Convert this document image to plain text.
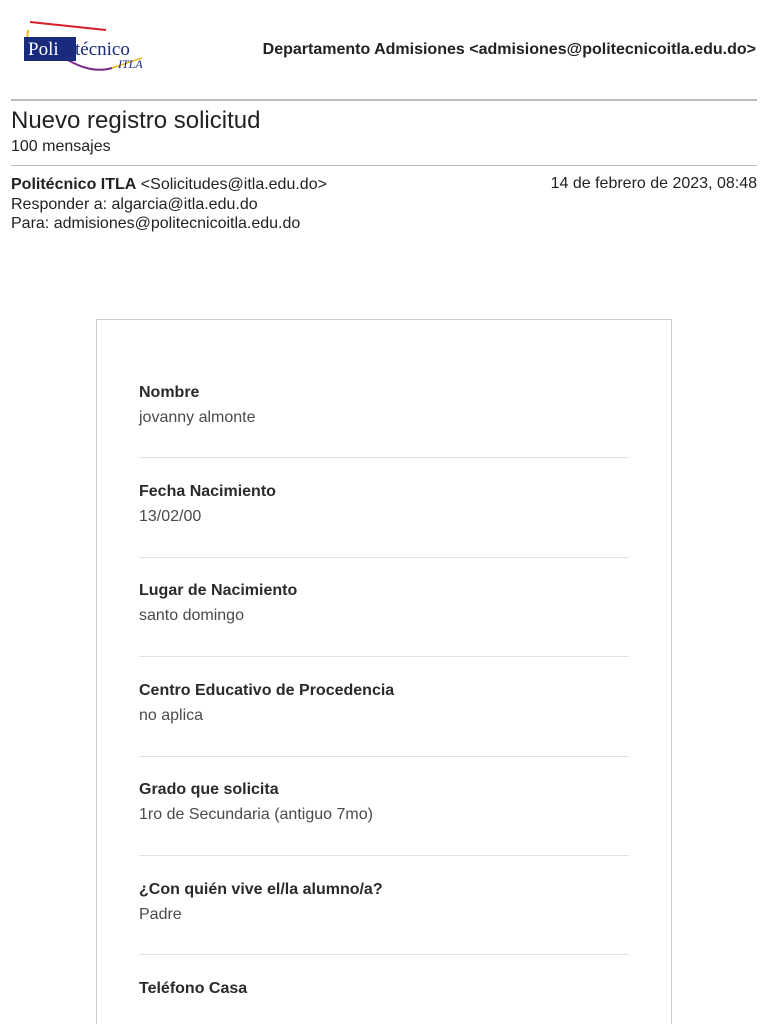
Poli técnico
ITLA
Departamento Admisiones <admisiones@politecnicoitla.edu.do>
Nuevo registro solicitud
100 mensajes
Politécnico ITLA <Solicitudes@itla.edu.do>
Responder a: algarcia@itla.edu.do
Para: admisiones@politecnicoitla.edu.do
14 de febrero de 2023, 08:48
Nombre
jovanny almonte
Fecha Nacimiento
13/02/00
Lugar de Nacimiento
santo domingo
Centro Educativo de Procedencia
no aplica
Grado que solicita
1ro de Secundaria (antiguo 7mo)
¿Con quién vive el/la alumno/a?
Padre
Teléfono Casa
